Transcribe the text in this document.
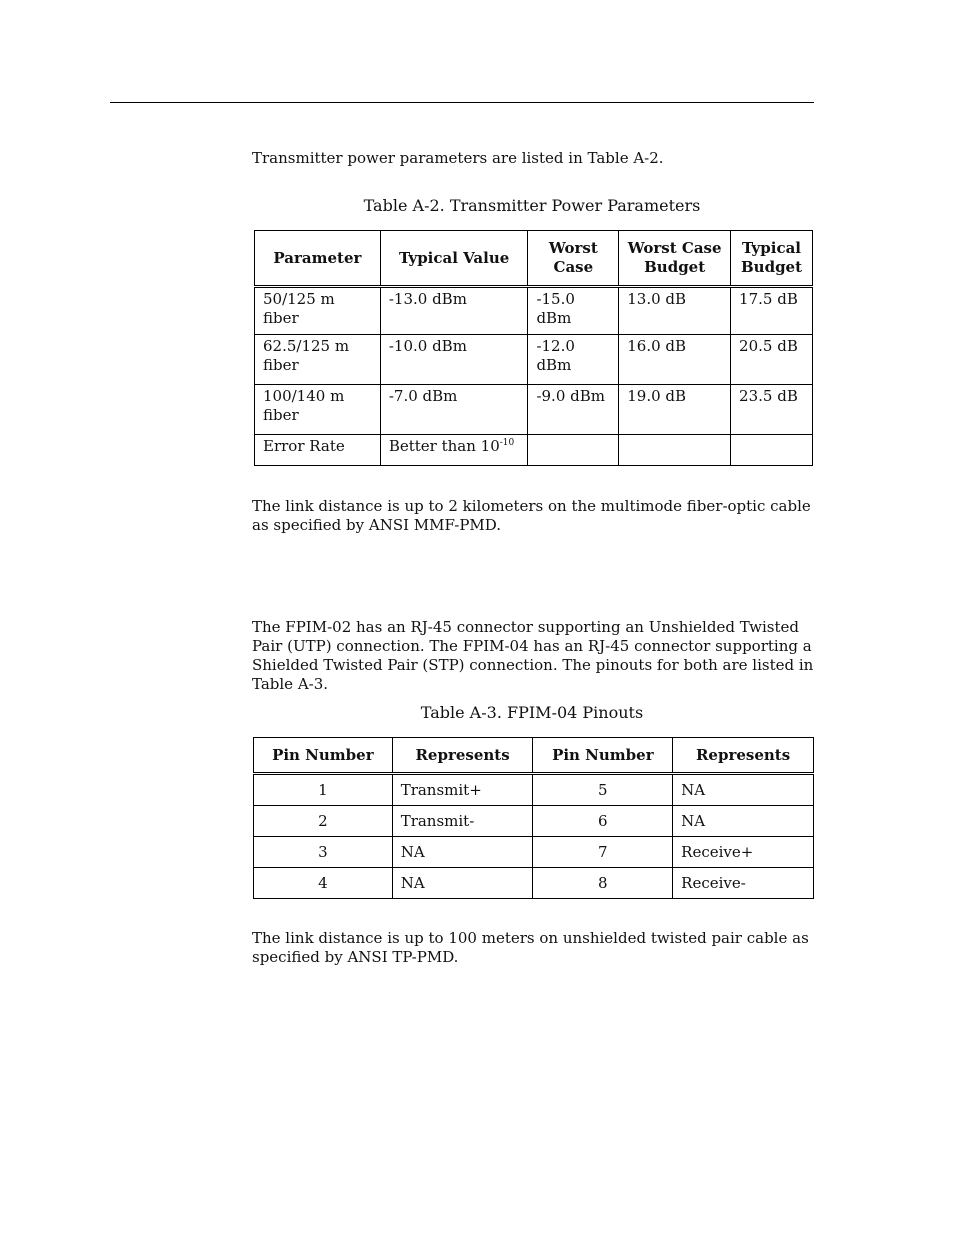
Transmitter power parameters are listed in Table A-2.

Table A-2. Transmitter Power Parameters
Parameter	Typical Value	Worst Case	Worst Case Budget	Typical Budget
50/125 m fiber	-13.0 dBm	-15.0 dBm	13.0 dB	17.5 dB
62.5/125 m fiber	-10.0 dBm	-12.0 dBm	16.0 dB	20.5 dB
100/140 m fiber	-7.0 dBm	-9.0 dBm	19.0 dB	23.5 dB
Error Rate	Better than $10^{-10}$			

The link distance is up to 2 kilometers on the multimode fiber-optic cable as specified by ANSI MMF-PMD.

The FPIM-02 has an RJ-45 connector supporting an Unshielded Twisted Pair (UTP) connection. The FPIM-04 has an RJ-45 connector supporting a Shielded Twisted Pair (STP) connection. The pinouts for both are listed in Table A-3.

Table A-3. FPIM-04 Pinouts
Pin Number	Represents	Pin Number	Represents
1	Transmit+	5	NA
2	Transmit-	6	NA
3	NA	7	Receive+
4	NA	8	Receive-

The link distance is up to 100 meters on unshielded twisted pair cable as specified by ANSI TP-PMD.
